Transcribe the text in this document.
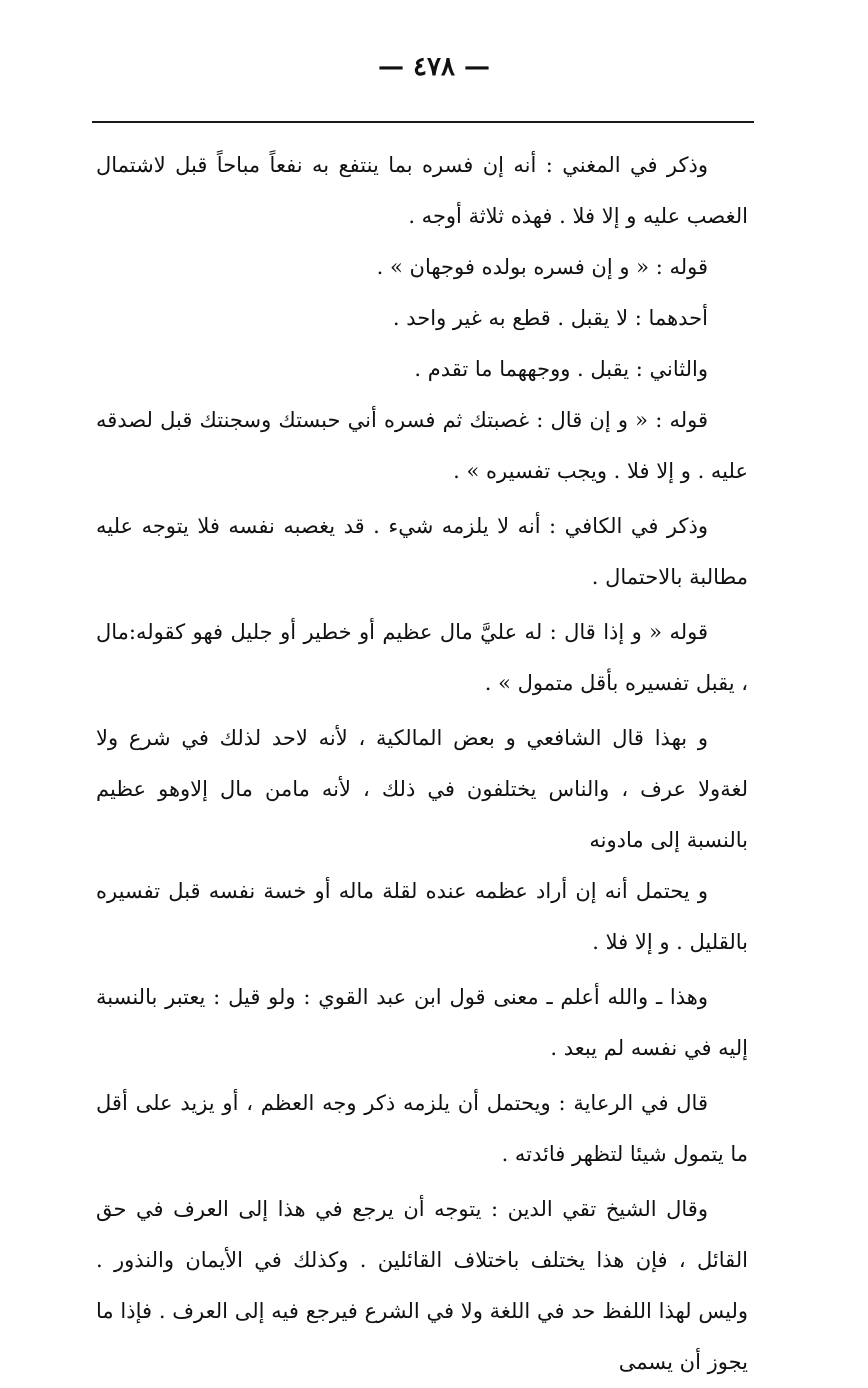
— ٤٧٨ —

وذكر في المغني : أنه إن فسره بما ينتفع به نفعاً مباحاً قبل لاشتمال الغصب عليه و إلا فلا . فهذه ثلاثة أوجه .

قوله : « و إن فسره بولده فوجهان » .

أحدهما : لا يقبل . قطع به غير واحد .

والثاني : يقبل . ووجههما ما تقدم .

قوله : « و إن قال : غصبتك ثم فسره أني حبستك وسجنتك قبل لصدقه عليه . و إلا فلا . ويجب تفسيره » .

وذكر في الكافي : أنه لا يلزمه شيء . قد يغصبه نفسه فلا يتوجه عليه مطالبة بالاحتمال .

قوله « و إذا قال : له عليَّ مال عظيم أو خطير أو جليل فهو كقوله:مال ، يقبل تفسيره بأقل متمول » .

و بهذا قال الشافعي و بعض المالكية ، لأنه لاحد لذلك في شرع ولا لغةولا عرف ، والناس يختلفون في ذلك ، لأنه مامن مال إلاوهو عظيم بالنسبة إلى مادونه

و يحتمل أنه إن أراد عظمه عنده لقلة ماله أو خسة نفسه قبل تفسيره بالقليل . و إلا فلا .

وهذا ـ والله أعلم ـ معنى قول ابن عبد القوي : ولو قيل : يعتبر بالنسبة إليه في نفسه لم يبعد .

قال في الرعاية : ويحتمل أن يلزمه ذكر وجه العظم ، أو يزيد على أقل ما يتمول شيئا لتظهر فائدته .

وقال الشيخ تقي الدين : يتوجه أن يرجع في هذا إلى العرف في حق القائل ، فإن هذا يختلف باختلاف القائلين . وكذلك في الأيمان والنذور . وليس لهذا اللفظ حد في اللغة ولا في الشرع فيرجع فيه إلى العرف . فإذا ما يجوز أن يسمى
